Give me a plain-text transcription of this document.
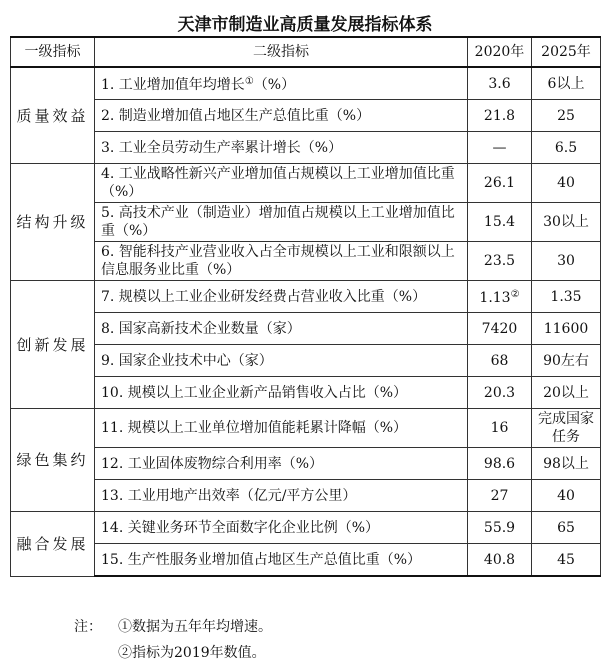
天津市制造业高质量发展指标体系
一级指标	二级指标	2020年	2025年
质量效益	1. 工业增加值年均增长①（%）	3.6	6以上
	2. 制造业增加值占地区生产总值比重（%）	21.8	25
	3. 工业全员劳动生产率累计增长（%）	—	6.5
结构升级	4. 工业战略性新兴产业增加值占规模以上工业增加值比重（%）	26.1	40
	5. 高技术产业（制造业）增加值占规模以上工业增加值比重（%）	15.4	30以上
	6. 智能科技产业营业收入占全市规模以上工业和限额以上信息服务业比重（%）	23.5	30
创新发展	7. 规模以上工业企业研发经费占营业收入比重（%）	1.13②	1.35
	8. 国家高新技术企业数量（家）	7420	11600
	9. 国家企业技术中心（家）	68	90左右
	10. 规模以上工业企业新产品销售收入占比（%）	20.3	20以上
绿色集约	11. 规模以上工业单位增加值能耗累计降幅（%）	16	完成国家任务
	12. 工业固体废物综合利用率（%）	98.6	98以上
	13. 工业用地产出效率（亿元/平方公里）	27	40
融合发展	14. 关键业务环节全面数字化企业比例（%）	55.9	65
	15. 生产性服务业增加值占地区生产总值比重（%）	40.8	45
注： ①数据为五年年均增速。
②指标为2019年数值。
